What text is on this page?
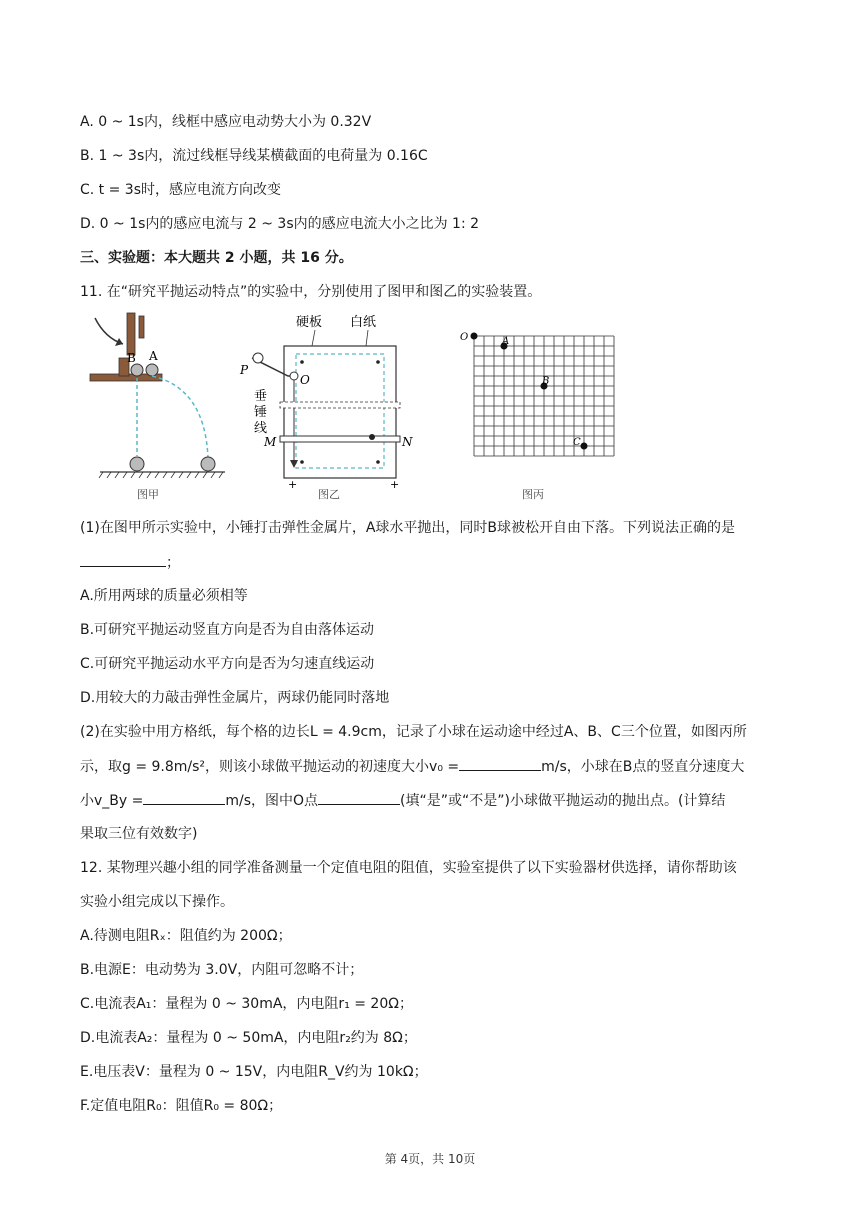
A. 0 ~ 1s内，线框中感应电动势大小为 0.32V
B. 1 ~ 3s内，流过线框导线某横截面的电荷量为 0.16C
C. t = 3s时，感应电流方向改变
D. 0 ~ 1s内的感应电流与 2 ~ 3s内的感应电流大小之比为 1: 2
三、实验题：本大题共 2 小题，共 16 分。
11. 在“研究平抛运动特点”的实验中，分别使用了图甲和图乙的实验装置。
B A
图甲
硬板 白纸
P
O
垂
锤
线
M	N
+	+
图乙
O	A
B
C
图丙
(1)在图甲所示实验中，小锤打击弹性金属片，A球水平抛出，同时B球被松开自由下落。下列说法正确的是
；
A.所用两球的质量必须相等
B.可研究平抛运动竖直方向是否为自由落体运动
C.可研究平抛运动水平方向是否为匀速直线运动
D.用较大的力敲击弹性金属片，两球仍能同时落地
(2)在实验中用方格纸，每个格的边长L = 4.9cm，记录了小球在运动途中经过A、B、C三个位置，如图丙所
示，取g = 9.8m/s²，则该小球做平抛运动的初速度大小v₀ =	m/s，小球在B点的竖直分速度大
小v_By =	m/s，图中O点	(填“是”或“不是”)小球做平抛运动的抛出点。(计算结
果取三位有效数字)
12. 某物理兴趣小组的同学准备测量一个定值电阻的阻值，实验室提供了以下实验器材供选择，请你帮助该
实验小组完成以下操作。
A.待测电阻Rₓ：阻值约为 200Ω；
B.电源E：电动势为 3.0V，内阻可忽略不计；
C.电流表A₁：量程为 0 ~ 30mA，内电阻r₁ = 20Ω；
D.电流表A₂：量程为 0 ~ 50mA，内电阻r₂约为 8Ω；
E.电压表V：量程为 0 ~ 15V，内电阻R_V约为 10kΩ；
F.定值电阻R₀：阻值R₀ = 80Ω；
第 4页，共 10页
